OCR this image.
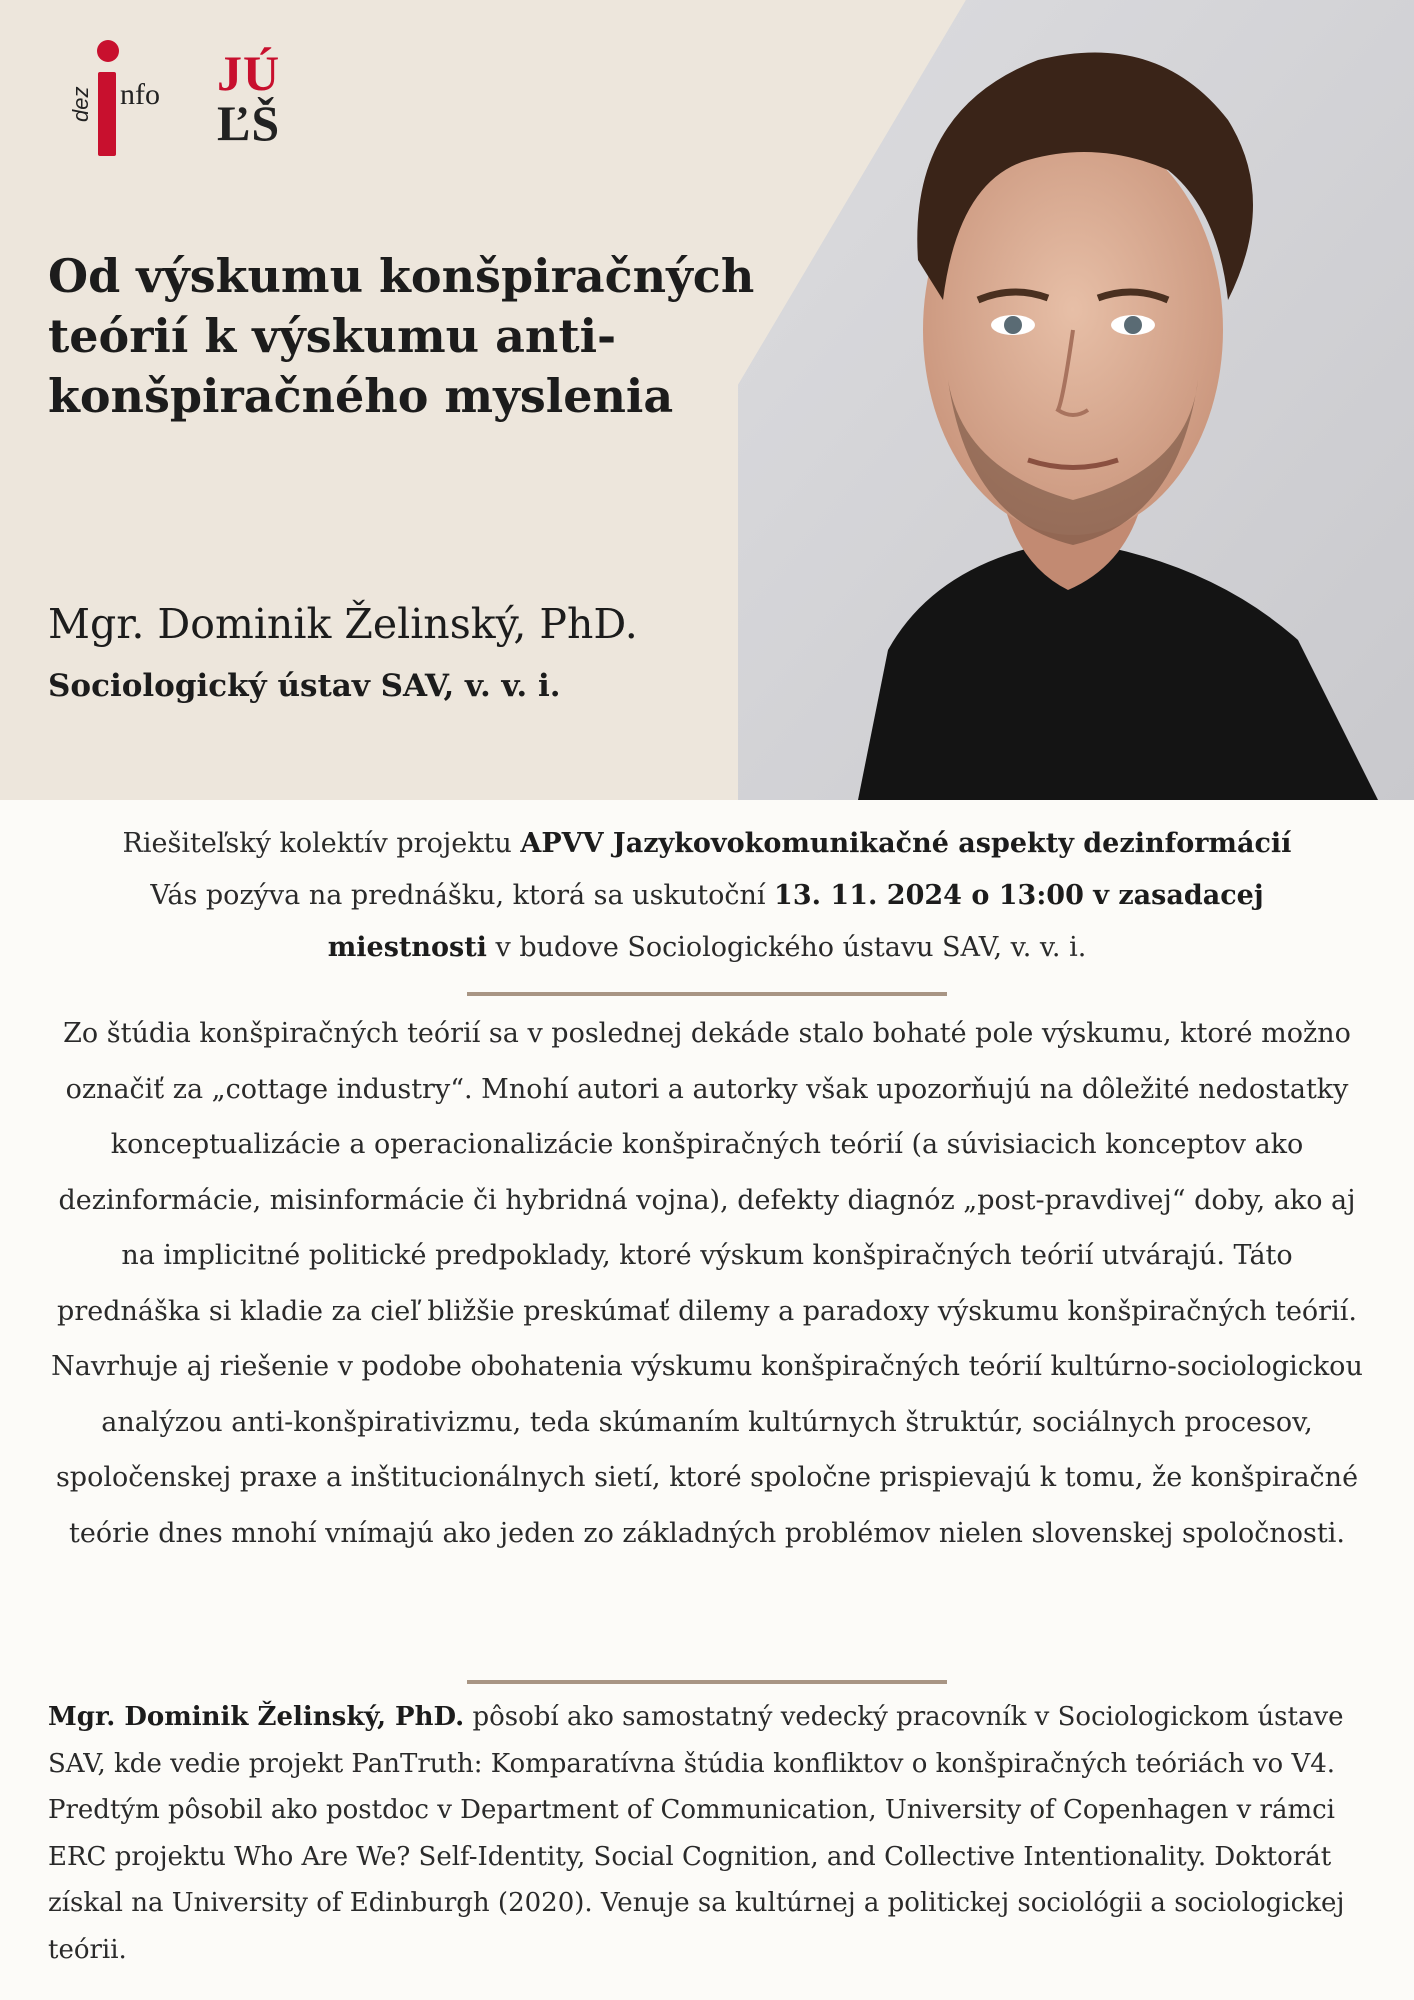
dez nfo JÚ
ĽŠ
Od výskumu konšpiračných teórií k výskumu anti-konšpiračného myslenia
Mgr. Dominik Želinský, PhD.
Sociologický ústav SAV, v. v. i.
Riešiteľský kolektív projektu APVV Jazykovokomunikačné aspekty dezinformácií
Vás pozýva na prednášku, ktorá sa uskutoční 13. 11. 2024 o 13:00 v zasadacej
miestnosti v budove Sociologického ústavu SAV, v. v. i.

Zo štúdia konšpiračných teórií sa v poslednej dekáde stalo bohaté pole výskumu, ktoré možno označiť za „cottage industry“. Mnohí autori a autorky však upozorňujú na dôležité nedostatky konceptualizácie a operacionalizácie konšpiračných teórií (a súvisiacich konceptov ako dezinformácie, misinformácie či hybridná vojna), defekty diagnóz „post-pravdivej“ doby, ako aj na implicitné politické predpoklady, ktoré výskum konšpiračných teórií utvárajú. Táto prednáška si kladie za cieľ bližšie preskúmať dilemy a paradoxy výskumu konšpiračných teórií. Navrhuje aj riešenie v podobe obohatenia výskumu konšpiračných teórií kultúrno-sociologickou analýzou anti-konšpirativizmu, teda skúmaním kultúrnych štruktúr, sociálnych procesov, spoločenskej praxe a inštitucionálnych sietí, ktoré spoločne prispievajú k tomu, že konšpiračné teórie dnes mnohí vnímajú ako jeden zo základných problémov nielen slovenskej spoločnosti.

Mgr. Dominik Želinský, PhD. pôsobí ako samostatný vedecký pracovník v Sociologickom ústave SAV, kde vedie projekt PanTruth: Komparatívna štúdia konfliktov o konšpiračných teóriách vo V4. Predtým pôsobil ako postdoc v Department of Communication, University of Copenhagen v rámci ERC projektu Who Are We? Self-Identity, Social Cognition, and Collective Intentionality. Doktorát získal na University of Edinburgh (2020). Venuje sa kultúrnej a politickej sociológii a sociologickej teórii.
